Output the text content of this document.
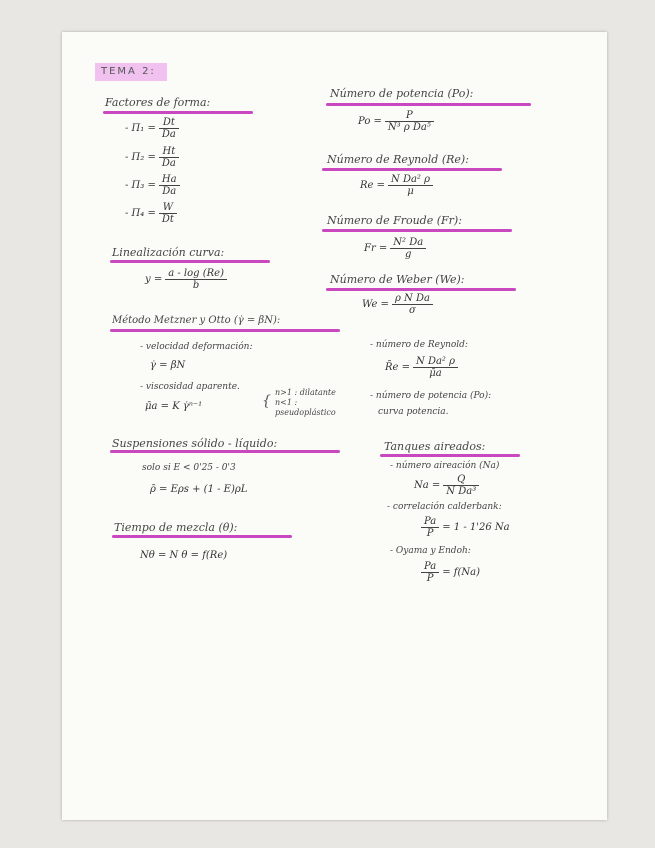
TEMA 2:
Factores de forma:
- $\Pi_1 = \frac{Dt}{Da}$
- $\Pi_2 = \frac{Ht}{Da}$
- $\Pi_3 = \frac{Ha}{Da}$
- $\Pi_4 = \frac{W}{Dt}$
Linealización curva:
$y = \frac{a - \log (Re)}{b}$
Método Metzner y Otto (γ̇ = βN):
- velocidad deformación:
γ̇ = βN
- viscosidad aparente.
μ̄a = K γ̇ⁿ⁻¹	{
n>1 : dilatante
n<1 :
pseudoplástico
Suspensiones sólido - líquido:
solo si E < 0'25 - 0'3
ρ̄ = Eρs + (1 - E)ρL
Tiempo de mezcla (θ):
Nθ = N θ = f(Re)
Número de potencia (Po):
$Po = \frac{P}{\text{N³ ρ Da⁵}}$
Número de Reynold (Re):
$Re = \frac{\text{N Da² ρ}}{\mu}$
Número de Froude (Fr):
$Fr = \frac{\text{N² Da}}{g}$
Número de Weber (We):
$We = \frac{\text{ρ N Da}}{\sigma}$
- número de Reynold:
R̄e = $\frac{\text{N Da² ρ}}{\mūa}$
- número de potencia (Po):
curva potencia.
Tanques aireados:
- número aireación (Na)
$Na = \frac{Q}{\text{N Da³}}$
- correlación calderbank:
$\frac{Pa}{P} = 1 - 1'26$ Na
- Oyama y Endoh:
$\frac{Pa}{P} = f(Na)$
